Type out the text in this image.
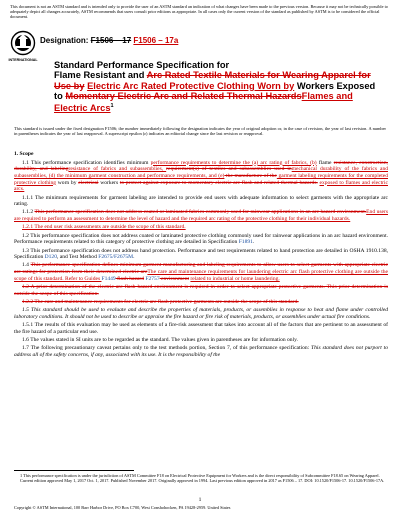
This document is not an ASTM standard and is intended only to provide the user of an ASTM standard an indication of what changes have been made to the previous version. Because it may not be technically possible to adequately depict all changes accurately, ASTM recommends that users consult prior editions as appropriate. In all cases only the current version of the standard as published by ASTM is to be considered the official document.
INTERNATIONAL
Designation: F1506 – 17 F1506 – 17a
Standard Performance Specification for
Flame Resistant and Arc Rated Textile Materials for Wearing Apparel for Use by Electric Arc Rated Protective Clothing Worn by Workers Exposed to Momentary Electric Arc and Related Thermal HazardsFlames and Electric Arcs$^1$
This standard is issued under the fixed designation F1506; the number immediately following the designation indicates the year of original adoption or, in the case of revision, the year of last revision. A number in parentheses indicates the year of last reapproval. A superscript epsilon (ε) indicates an editorial change since the last revision or reapproval.

1. Scope

1.1 This performance specification identifies minimum performance requirements to determine the (a) arc rating of fabrics, (b) flame resistance, construction, durability, and labelingresistance of fabrics and subassemblies, requirement(s) of textiles and subassemblies used inmechanical durability of the fabrics and subassemblies, (d) the minimum garment construction and performance requirements, and (e) the manufacture of the garment labeling requirements for the completed protective clothing worn by electrical workers to protect against exposure to momentary electric arc flash and related thermal hazards. exposed to flames and electric arcs.

1.1.1 The minimum requirements for garment labeling are intended to provide end users with adequate information to select garments with the appropriate arc rating.

1.1.2 This performance specification does not address coated or laminated fabrics commonly used for rainwear applications in an arc hazard environment.End users are required to perform an assessment to determine the level of hazard and the required arc rating of the protective clothing for their individual hazards.

1.2.1 The end user risk assessments are outside the scope of this standard.

1.2 This performance specification does not address coated or laminated protective clothing commonly used for rainwear applications in an arc hazard environment. Performance requirements related to this category of protective clothing are detailed in Specification F1891.

1.3 This performance specification does not address hand protection. Performance and test requirements related to hand protection are detailed in OSHA 1910.138, Specification D120, and Test Method F2675/F2675M.

1.4 This performance specification defines minimum garment manufacturing and labeling requirements to allow users to select garments with appropriate electric arc ratings for protection from their determined electric arcThe care and maintenance requirements for laundering electric arc flash protective clothing are outside the scope of this standard. Refer to Guides F1449 flash hazard F2757 environment related to industrial or home laundering.

1.2 A prior determination of the electric arc flash hazard environment is required in order to select appropriate protective garments. This prior determination is outside the scope of this specification.

1.2.2 The care and maintenance requirements for electric arc flash protective garments are outside the scope of this standard.

1.5 This standard should be used to evaluate and describe the properties of materials, products, or assemblies in response to heat and flame under controlled laboratory conditions. It should not be used to describe or appraise the fire hazard or fire risk of materials, products, or assemblies under actual fire conditions.

1.5.1 The results of this evaluation may be used as elements of a fire-risk assessment that takes into account all of the factors that are pertinent to an assessment of the fire hazard of a particular end use.

1.6 The values stated in SI units are to be regarded as the standard. The values given in parentheses are for information only.

1.7 The following precautionary caveat pertains only to the test methods portion, Section 7, of this performance specification: This standard does not purport to address all of the safety concerns, if any, associated with its use. It is the responsibility of the

1 This performance specification is under the jurisdiction of ASTM Committee F18 on Electrical Protective Equipment for Workers and is the direct responsibility of Subcommittee F18.65 on Wearing Apparel.

Current edition approved May 1, 2017 Oct. 1, 2017. Published November 2017. Originally approved in 1994. Last previous edition approved in 2017 as F1506 – 17. DOI: 10.1520/F1506-17. 10.1520/F1506-17A.

1
Copyright © ASTM International, 100 Barr Harbor Drive, PO Box C700, West Conshohocken, PA 19428-2959. United States
